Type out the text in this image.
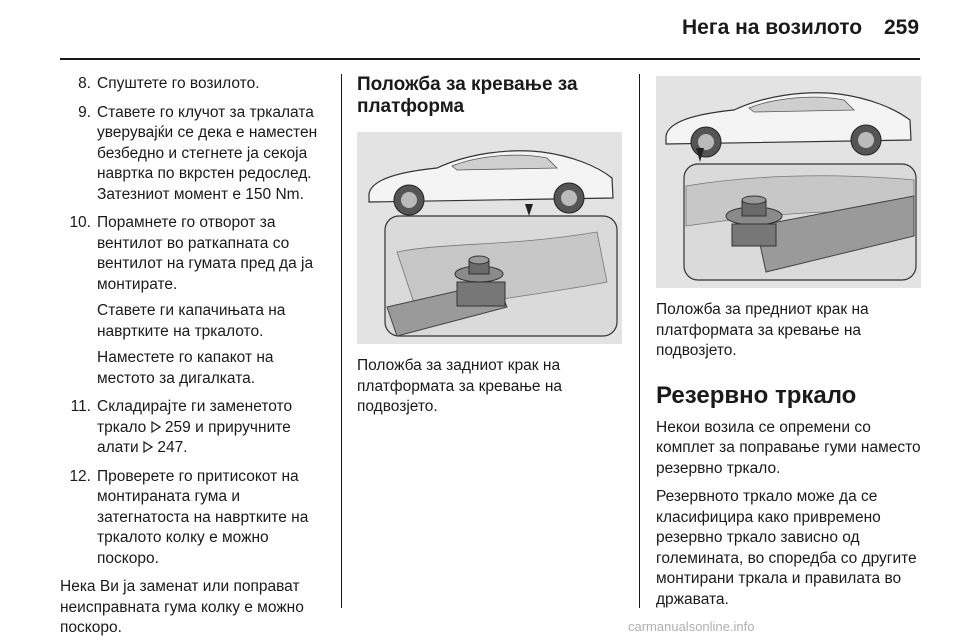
Нега на возилото 259
8. Спуштете го возилото.
9. Ставете го клучот за тркалата уверувајќи се дека е наместен безбедно и стегнете ја секоја наврткa по вкрстен редослед. Затезниот момент е 150 Nm.
10. Порамнете го отворот за вентилот во раткапната со вентилот на гумата пред да ја монтирате.
Ставете ги капачињата на навртките на тркалото.
Наместете го капакот на местото за дигалката.
11. Складирајте ги заменетото тркало  259 и приручните алати  247.
12. Проверете го притисокот на монтираната гума и затегнатоста на навртките на тркалото колку е можно поскоро.
Нека Ви ја заменат или поправат неисправната гума колку е можно поскоро.
Положба за кревање за платформа
Положба за задниот крак на платформата за кревање на подвозјето.
Положба за предниот крак на платформата за кревање на подвозјето.
Резервно тркало
Некои возила се опремени со комплет за поправање гуми наместо резервно тркало.
Резервното тркало може да се класифицира како привремено резервно тркало зависно од големината, во споредба со другите монтирани тркала и правилата во државата.
carmanualsonline.info
